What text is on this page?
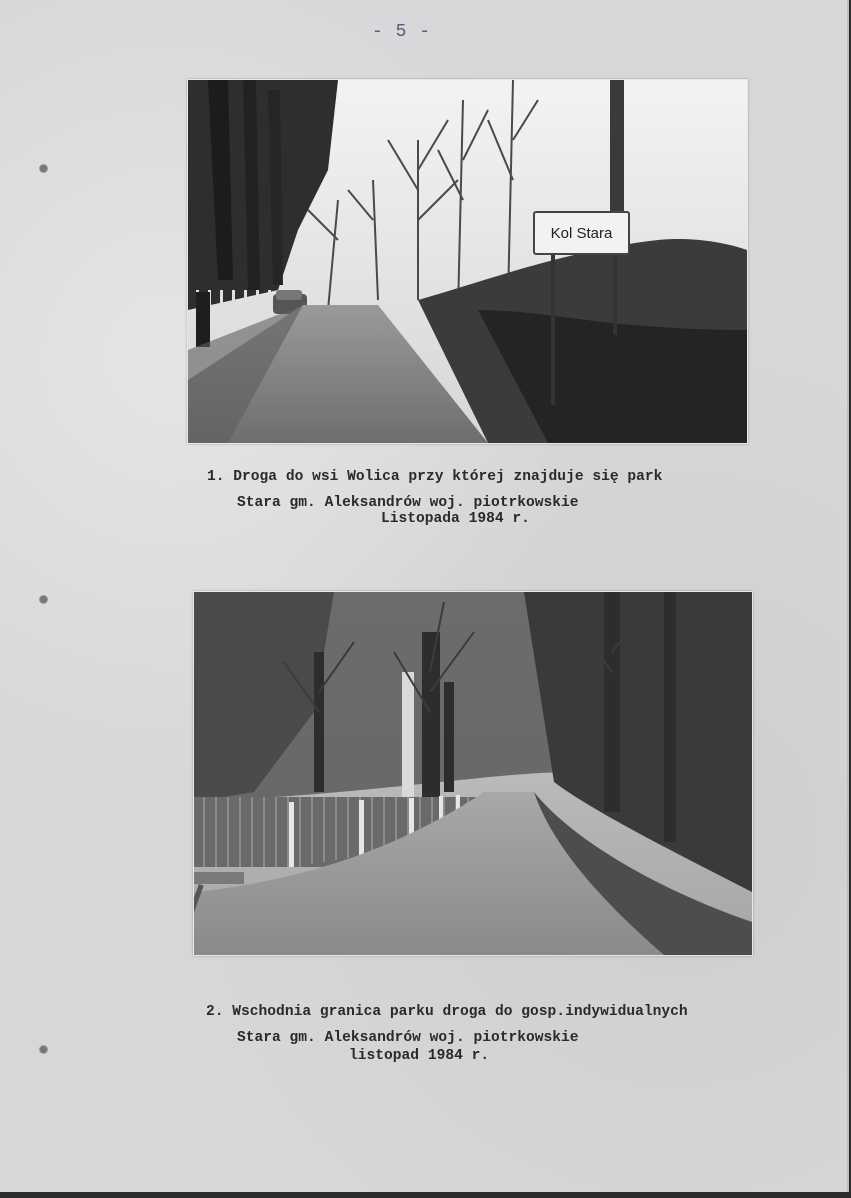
- 5 -
Kol Stara
1. Droga do wsi Wolica przy której znajduje się park
Stara gm. Aleksandrów woj. piotrkowskie
Listopada 1984 r.
2. Wschodnia granica parku droga do gosp.indywidualnych
Stara gm. Aleksandrów woj. piotrkowskie
listopad 1984 r.
